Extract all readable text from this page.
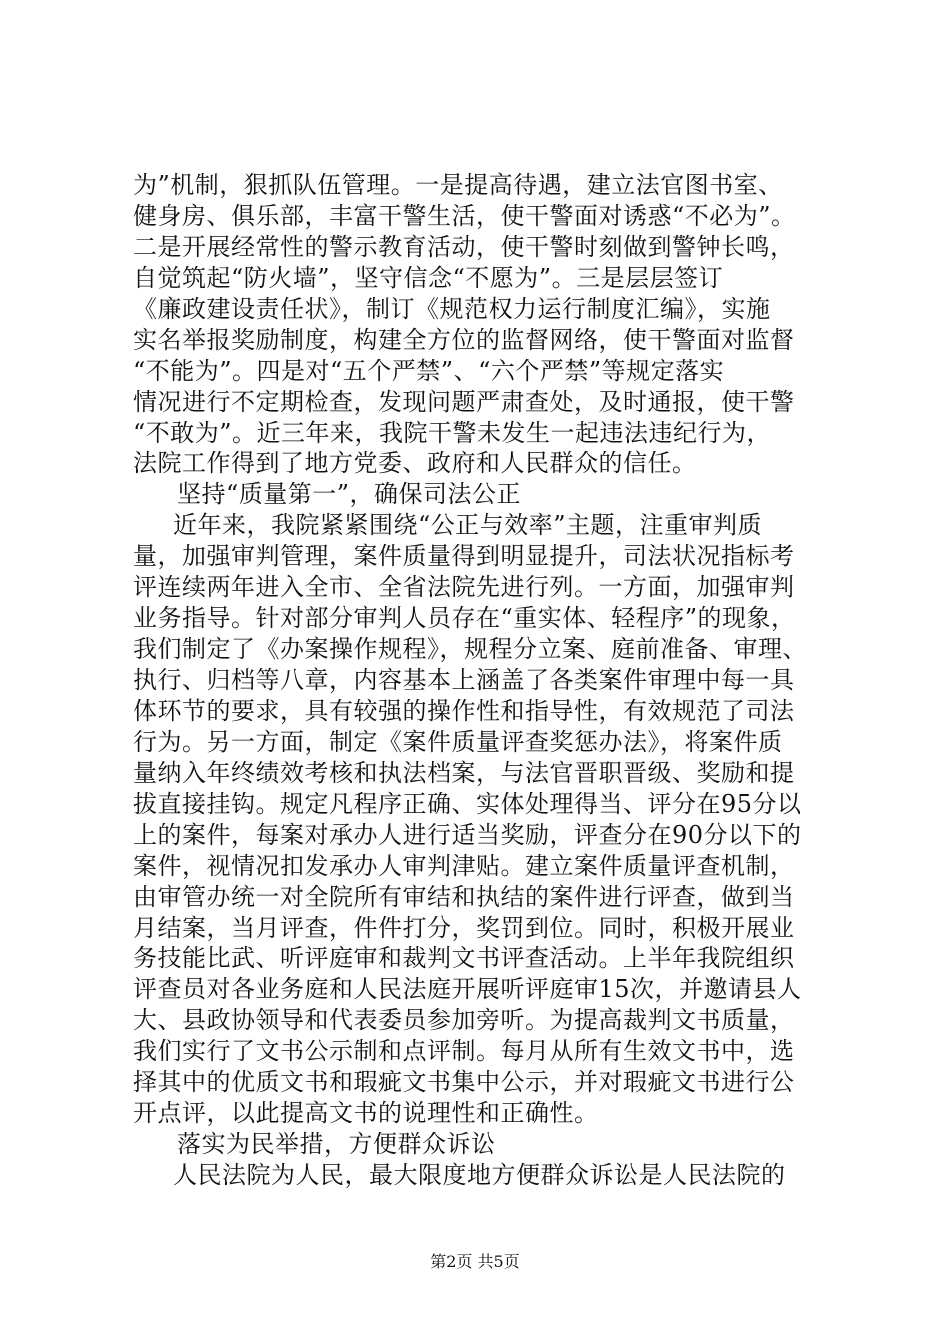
为”机制，狠抓队伍管理。一是提高待遇，建立法官图书室、
健身房、俱乐部，丰富干警生活，使干警面对诱惑“不必为”。
二是开展经常性的警示教育活动，使干警时刻做到警钟长鸣，
自觉筑起“防火墙”，坚守信念“不愿为”。三是层层签订
《廉政建设责任状》，制订《规范权力运行制度汇编》，实施
实名举报奖励制度，构建全方位的监督网络，使干警面对监督
“不能为”。四是对“五个严禁”、“六个严禁”等规定落实
情况进行不定期检查，发现问题严肃查处，及时通报，使干警
“不敢为”。近三年来，我院干警未发生一起违法违纪行为，
法院工作得到了地方党委、政府和人民群众的信任。
坚持“质量第一”，确保司法公正
近年来，我院紧紧围绕“公正与效率”主题，注重审判质
量，加强审判管理，案件质量得到明显提升，司法状况指标考
评连续两年进入全市、全省法院先进行列。一方面，加强审判
业务指导。针对部分审判人员存在“重实体、轻程序”的现象，
我们制定了《办案操作规程》，规程分立案、庭前准备、审理、
执行、归档等八章，内容基本上涵盖了各类案件审理中每一具
体环节的要求，具有较强的操作性和指导性，有效规范了司法
行为。另一方面，制定《案件质量评查奖惩办法》，将案件质
量纳入年终绩效考核和执法档案，与法官晋职晋级、奖励和提
拔直接挂钩。规定凡程序正确、实体处理得当、评分在95分以
上的案件，每案对承办人进行适当奖励，评查分在90分以下的
案件，视情况扣发承办人审判津贴。建立案件质量评查机制，
由审管办统一对全院所有审结和执结的案件进行评查，做到当
月结案，当月评查，件件打分，奖罚到位。同时，积极开展业
务技能比武、听评庭审和裁判文书评查活动。上半年我院组织
评查员对各业务庭和人民法庭开展听评庭审15次，并邀请县人
大、县政协领导和代表委员参加旁听。为提高裁判文书质量，
我们实行了文书公示制和点评制。每月从所有生效文书中，选
择其中的优质文书和瑕疵文书集中公示，并对瑕疵文书进行公
开点评，以此提高文书的说理性和正确性。
落实为民举措，方便群众诉讼
人民法院为人民，最大限度地方便群众诉讼是人民法院的
第2页 共5页
